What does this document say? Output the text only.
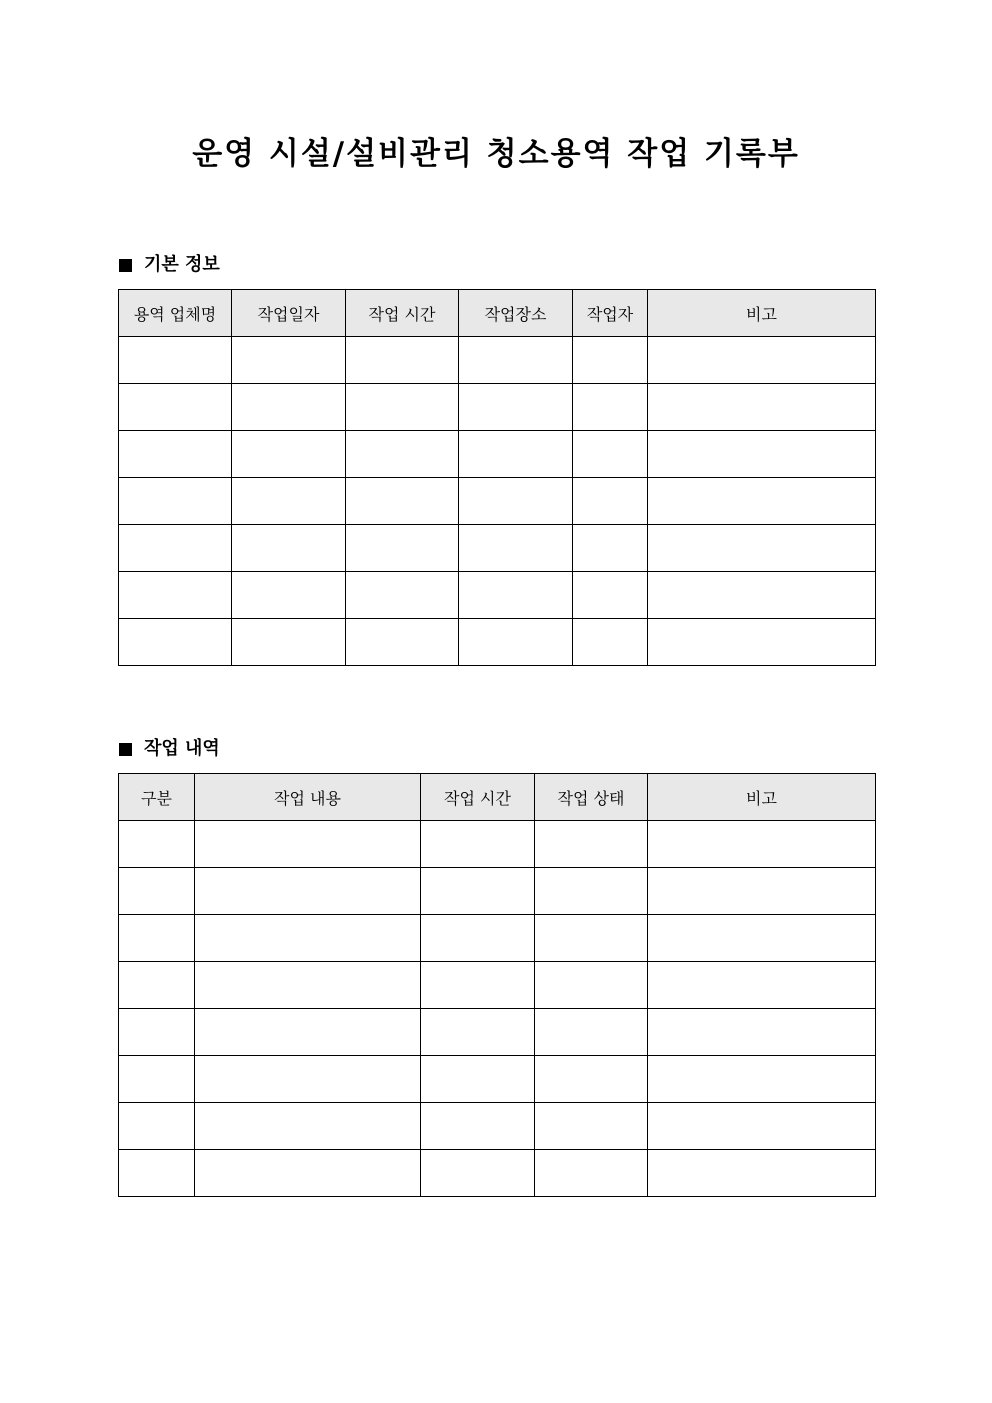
운영 시설/설비관리 청소용역 작업 기록부
기본 정보
용역 업체명	작업일자	작업 시간	작업장소	작업자	비고

작업 내역
구분	작업 내용	작업 시간	작업 상태	비고
